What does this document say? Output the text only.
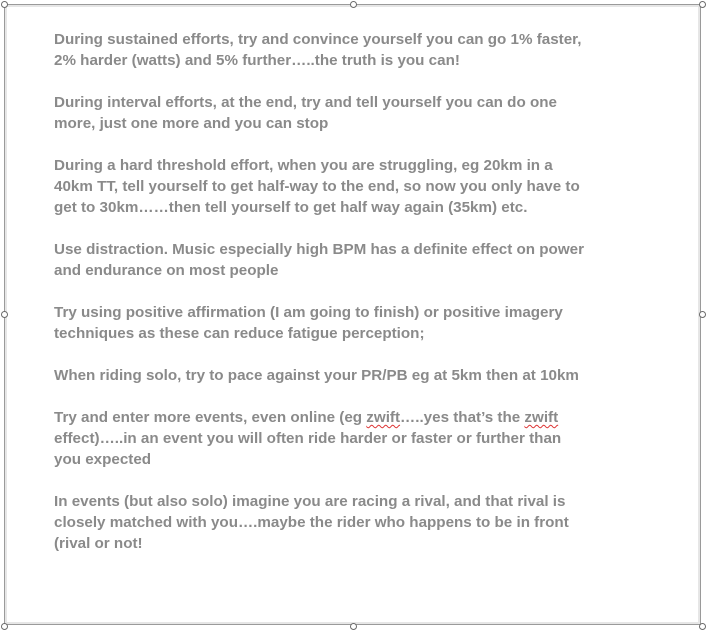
During sustained efforts, try and convince yourself you can go 1% faster,
2% harder (watts) and 5% further…..the truth is you can!

During interval efforts, at the end, try and tell yourself you can do one
more, just one more and you can stop

During a hard threshold effort, when you are struggling, eg 20km in a
40km TT, tell yourself to get half-way to the end, so now you only have to
get to 30km……then tell yourself to get half way again (35km) etc.

Use distraction. Music especially high BPM has a definite effect on power
and endurance on most people

Try using positive affirmation (I am going to finish) or positive imagery
techniques as these can reduce fatigue perception;

When riding solo, try to pace against your PR/PB eg at 5km then at 10km

Try and enter more events, even online (eg zwift…..yes that’s the zwift
effect)…..in an event you will often ride harder or faster or further than
you expected

In events (but also solo) imagine you are racing a rival, and that rival is
closely matched with you….maybe the rider who happens to be in front
(rival or not!
